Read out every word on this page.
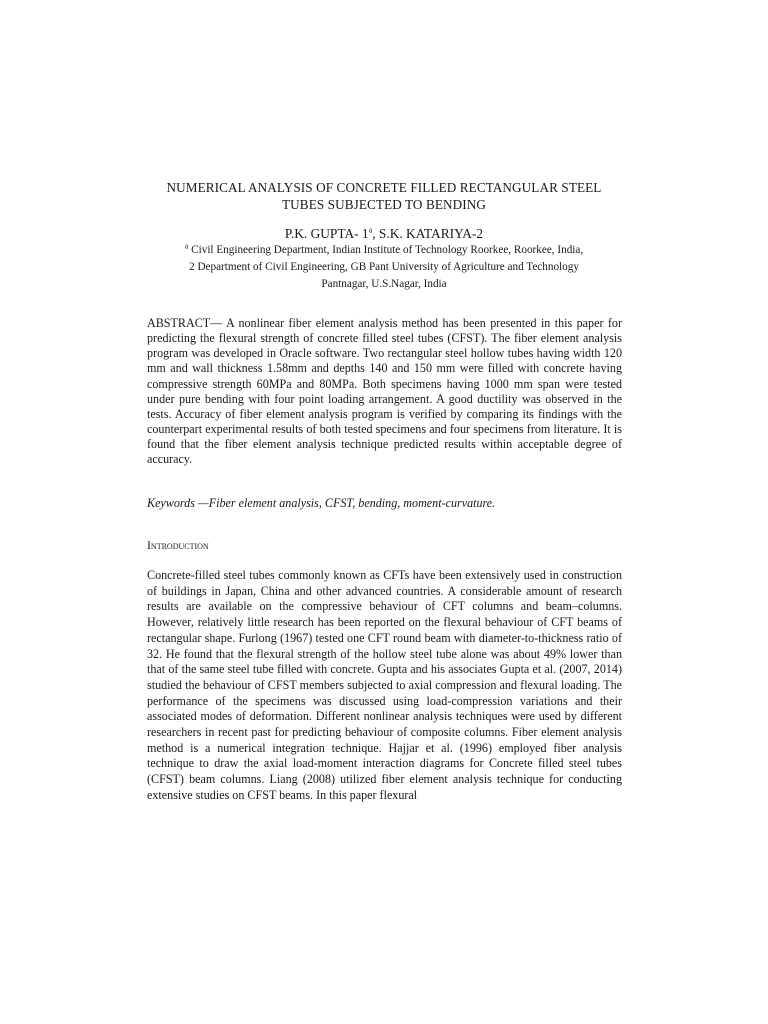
NUMERICAL ANALYSIS OF CONCRETE FILLED RECTANGULAR STEEL
TUBES SUBJECTED TO BENDING
P.K. GUPTA- 1$^a$, S.K. KATARIYA-2
$^a$ Civil Engineering Department, Indian Institute of Technology Roorkee, Roorkee, India,
2 Department of Civil Engineering, GB Pant University of Agriculture and Technology
Pantnagar, U.S.Nagar, India

ABSTRACT— A nonlinear fiber element analysis method has been presented in this paper for predicting the flexural strength of concrete filled steel tubes (CFST). The fiber element analysis program was developed in Oracle software. Two rectangular steel hollow tubes having width 120 mm and wall thickness 1.58mm and depths 140 and 150 mm were filled with concrete having compressive strength 60MPa and 80MPa. Both specimens having 1000 mm span were tested under pure bending with four point loading arrangement. A good ductility was observed in the tests. Accuracy of fiber element analysis program is verified by comparing its findings with the counterpart experimental results of both tested specimens and four specimens from literature. It is found that the fiber element analysis technique predicted results within acceptable degree of accuracy.

Keywords —Fiber element analysis, CFST, bending, moment-curvature.

Introduction

Concrete-filled steel tubes commonly known as CFTs have been extensively used in construction of buildings in Japan, China and other advanced countries. A considerable amount of research results are available on the compressive behaviour of CFT columns and beam–columns. However, relatively little research has been reported on the flexural behaviour of CFT beams of rectangular shape. Furlong (1967) tested one CFT round beam with diameter-to-thickness ratio of 32. He found that the flexural strength of the hollow steel tube alone was about 49% lower than that of the same steel tube filled with concrete. Gupta and his associates Gupta et al. (2007, 2014) studied the behaviour of CFST members subjected to axial compression and flexural loading. The performance of the specimens was discussed using load-compression variations and their associated modes of deformation. Different nonlinear analysis techniques were used by different researchers in recent past for predicting behaviour of composite columns. Fiber element analysis method is a numerical integration technique. Hajjar et al. (1996) employed fiber analysis technique to draw the axial load-moment interaction diagrams for Concrete filled steel tubes (CFST) beam columns. Liang (2008) utilized fiber element analysis technique for conducting extensive studies on CFST beams. In this paper flexural
